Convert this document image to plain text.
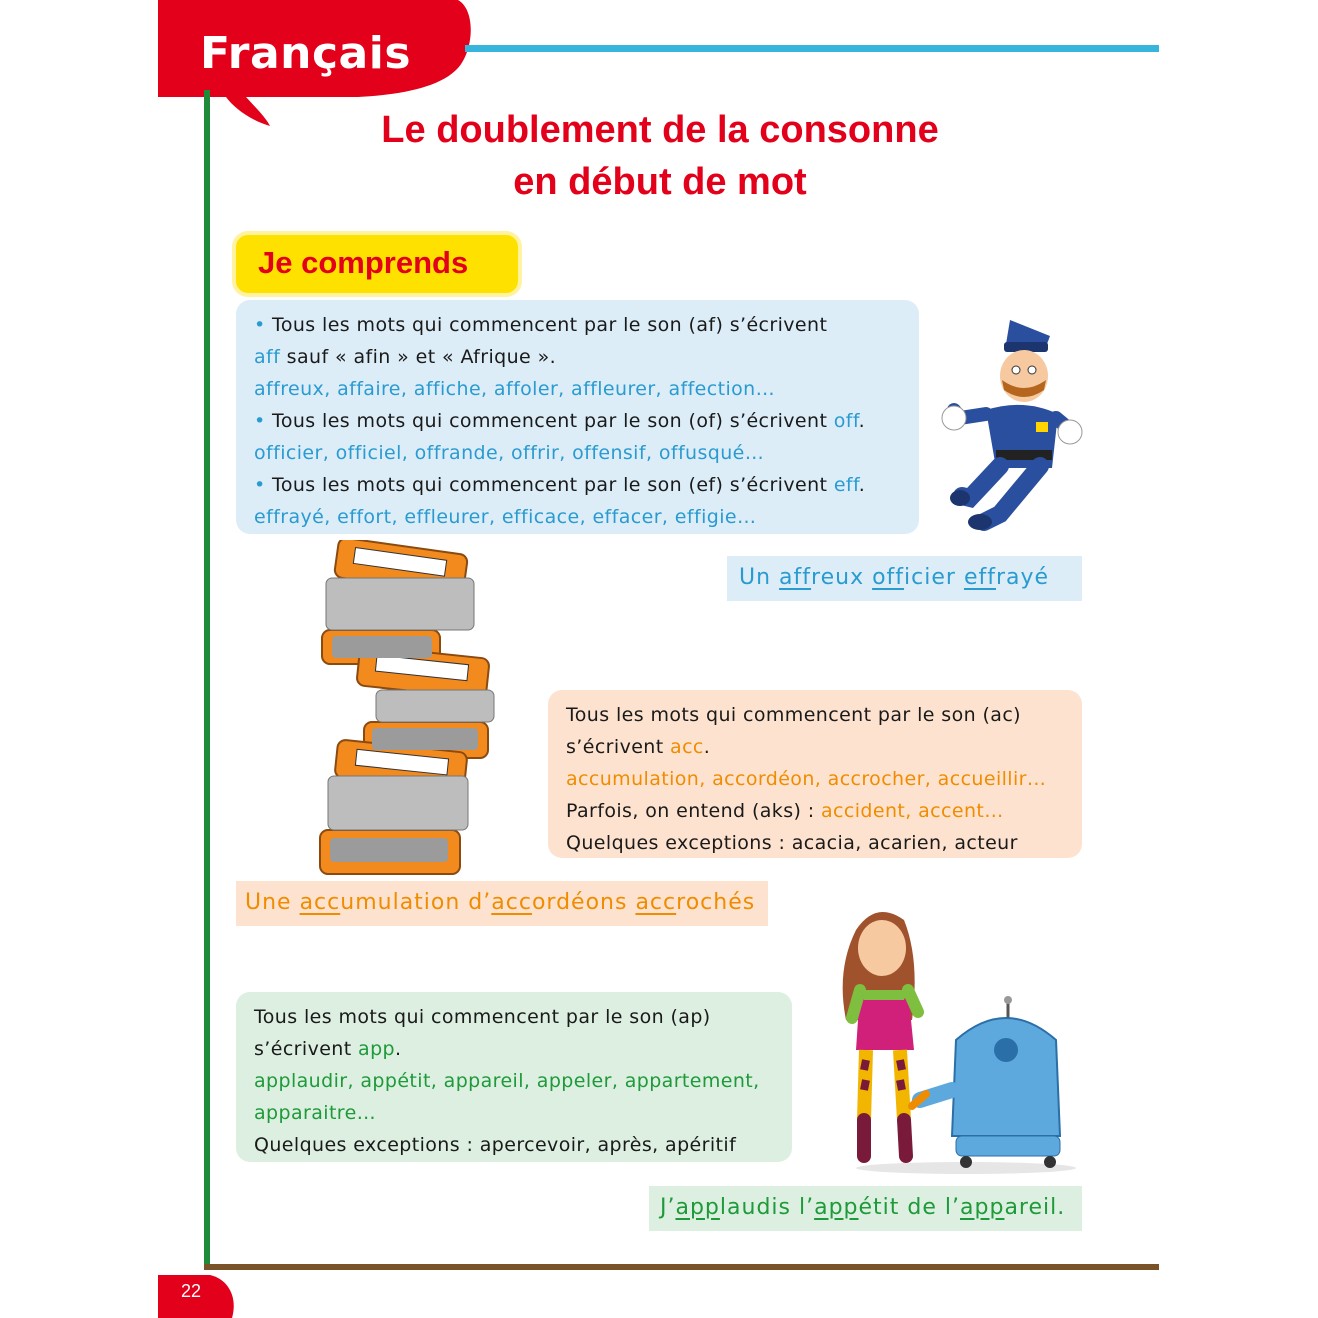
Français
22
Le doublement de la consonne
en début de mot
Je comprends

• Tous les mots qui commencent par le son (af) s’écrivent

aff sauf « afin » et « Afrique ».

affreux, affaire, affiche, affoler, affleurer, affection…

• Tous les mots qui commencent par le son (of) s’écrivent off.

officier, officiel, offrande, offrir, offensif, offusqué…

• Tous les mots qui commencent par le son (ef) s’écrivent eff.

effrayé, effort, effleurer, efficace, effacer, effigie…

Un affreux officier effrayé

Tous les mots qui commencent par le son (ac)

s’écrivent acc.

accumulation, accordéon, accrocher, accueillir…

Parfois, on entend (aks) : accident, accent…

Quelques exceptions : acacia, acarien, acteur

Une accumulation d’accordéons accrochés

Tous les mots qui commencent par le son (ap)

s’écrivent app.

applaudir, appétit, appareil, appeler, appartement,

apparaitre…

Quelques exceptions : apercevoir, après, apéritif

J’applaudis l’appétit de l’appareil.
